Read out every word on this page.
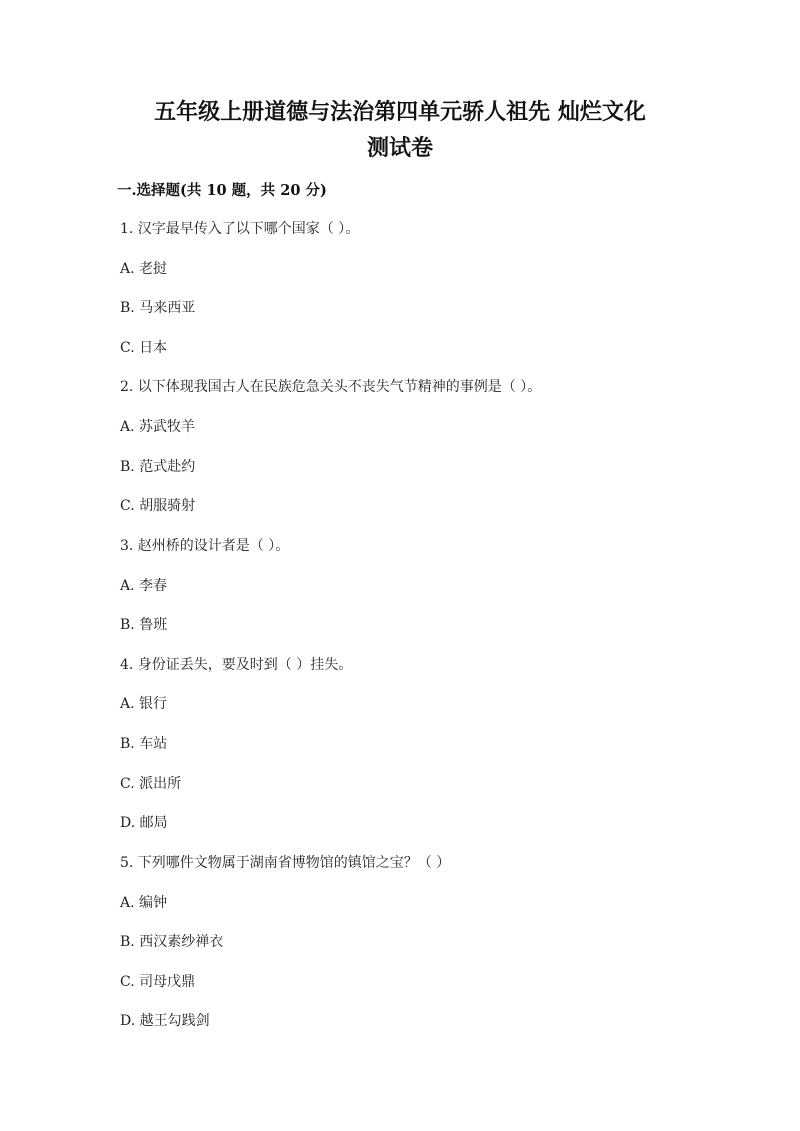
五年级上册道德与法治第四单元骄人祖先 灿烂文化
测试卷
一.选择题(共 10 题，共 20 分)
1. 汉字最早传入了以下哪个国家（ ）。
A. 老挝
B. 马来西亚
C. 日本
2. 以下体现我国古人在民族危急关头不丧失气节精神的事例是（ ）。
A. 苏武牧羊
B. 范式赴约
C. 胡服骑射
3. 赵州桥的设计者是（ ）。
A. 李春
B. 鲁班
4. 身份证丢失，要及时到（ ）挂失。
A. 银行
B. 车站
C. 派出所
D. 邮局
5. 下列哪件文物属于湖南省博物馆的镇馆之宝？（ ）
A. 编钟
B. 西汉素纱禅衣
C. 司母戊鼎
D. 越王勾践剑
